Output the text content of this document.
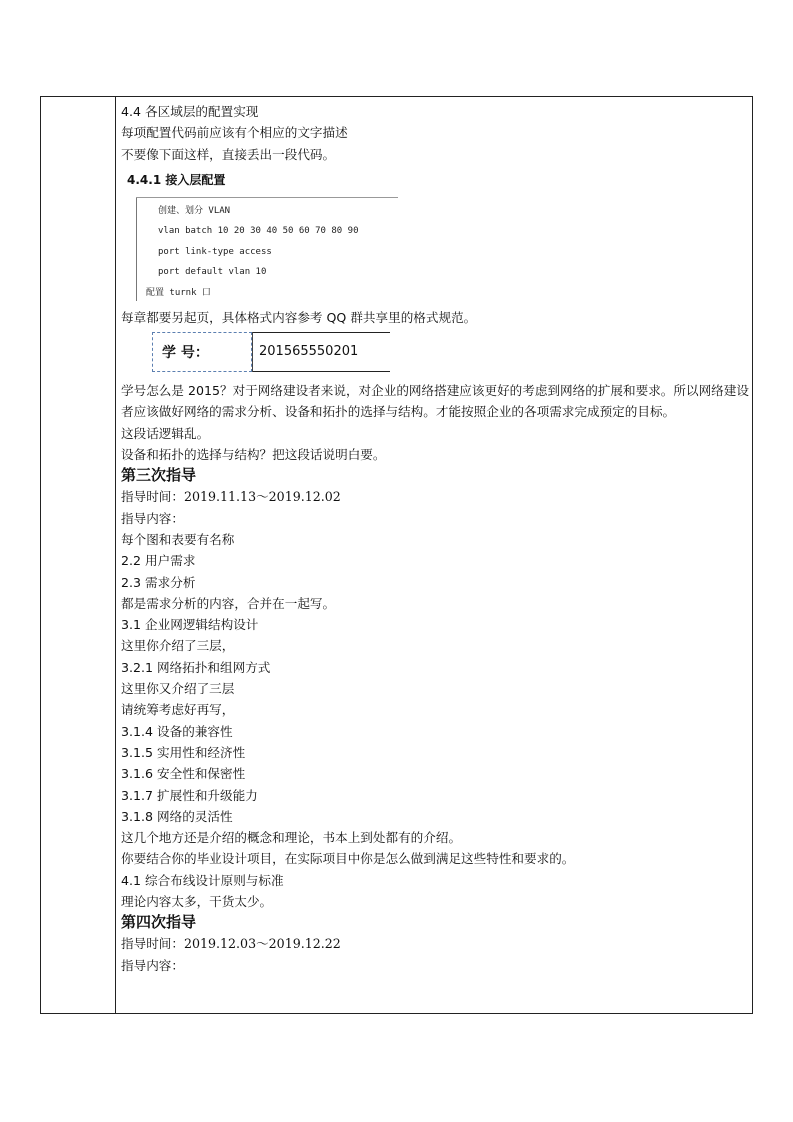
4.4 各区域层的配置实现
每项配置代码前应该有个相应的文字描述
不要像下面这样，直接丢出一段代码。
4.4.1 接入层配置
创建、划分 VLAN
vlan batch 10 20 30 40 50 60 70 80 90
port link-type access
port default vlan 10
配置 turnk 口
每章都要另起页，具体格式内容参考 QQ 群共享里的格式规范。
学 号：	201565550201
学号怎么是 2015？对于网络建设者来说，对企业的网络搭建应该更好的考虑到网络的扩展和要求。所以网络建设者应该做好网络的需求分析、设备和拓扑的选择与结构。才能按照企业的各项需求完成预定的目标。
这段话逻辑乱。
设备和拓扑的选择与结构？把这段话说明白要。
第三次指导
指导时间：2019.11.13～2019.12.02
指导内容：
每个图和表要有名称
2.2 用户需求
2.3 需求分析
都是需求分析的内容，合并在一起写。
3.1 企业网逻辑结构设计
这里你介绍了三层，
3.2.1 网络拓扑和组网方式
这里你又介绍了三层
请统筹考虑好再写，
3.1.4 设备的兼容性
3.1.5 实用性和经济性
3.1.6 安全性和保密性
3.1.7 扩展性和升级能力
3.1.8 网络的灵活性
这几个地方还是介绍的概念和理论，书本上到处都有的介绍。
你要结合你的毕业设计项目，在实际项目中你是怎么做到满足这些特性和要求的。
4.1 综合布线设计原则与标准
理论内容太多，干货太少。
第四次指导
指导时间：2019.12.03～2019.12.22
指导内容：
